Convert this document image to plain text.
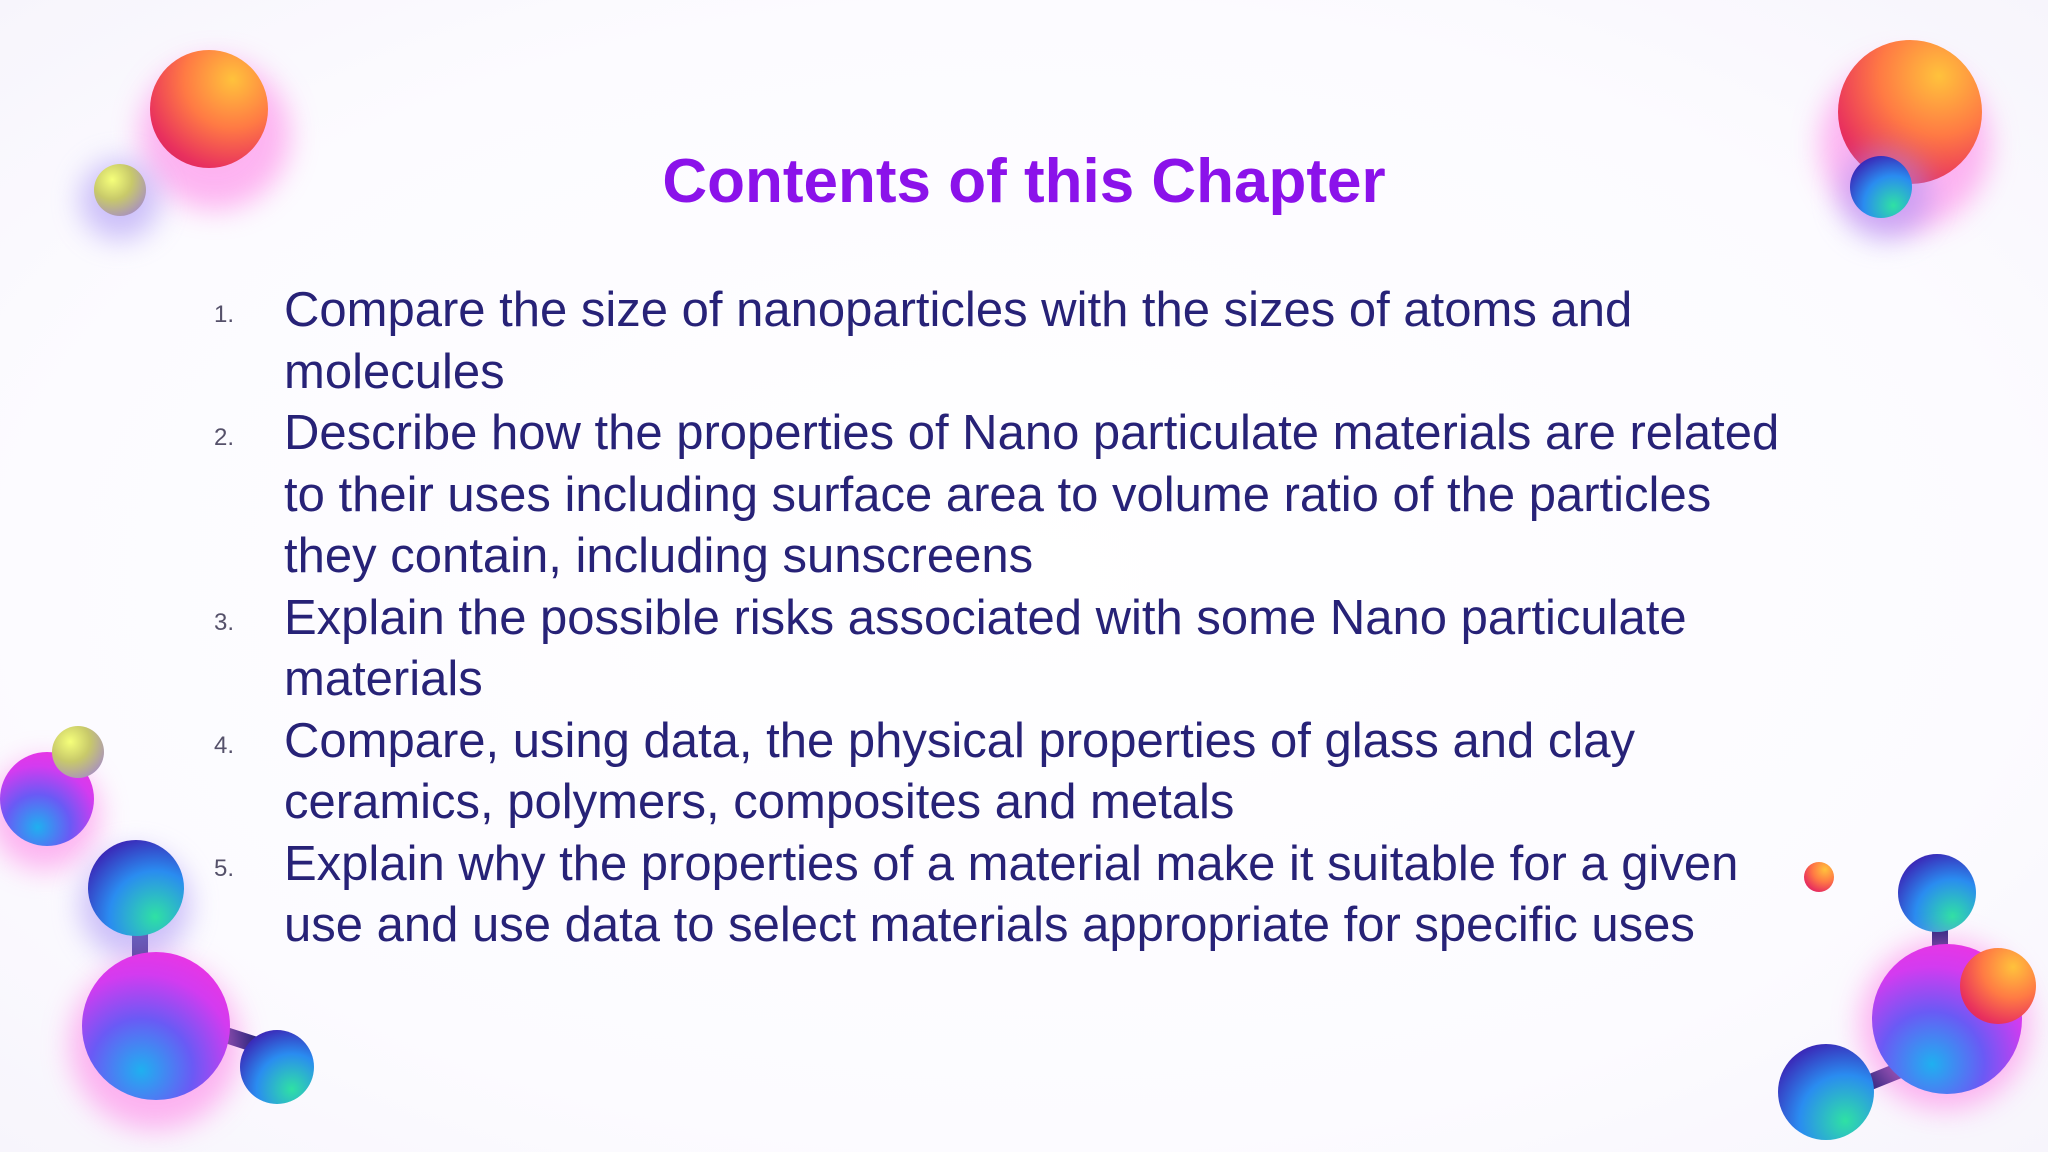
Contents of this Chapter
1. Compare the size of nanoparticles with the sizes of atoms and
molecules
2. Describe how the properties of Nano particulate materials are related
to their uses including surface area to volume ratio of the particles
they contain, including sunscreens
3. Explain the possible risks associated with some Nano particulate
materials
4. Compare, using data, the physical properties of glass and clay
ceramics, polymers, composites and metals
5. Explain why the properties of a material make it suitable for a given
use and use data to select materials appropriate for specific uses
